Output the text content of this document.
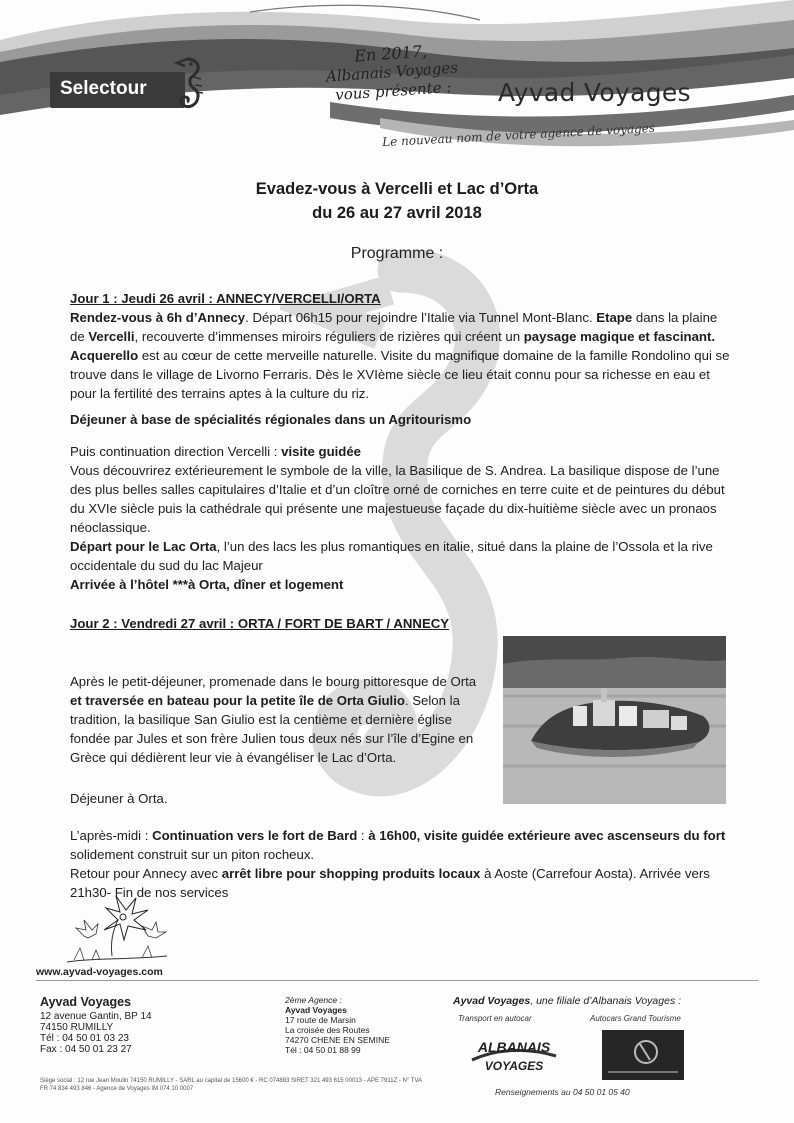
Selectour
En 2017,
Albanais Voyages
vous présente :	Ayvad Voyages
Le nouveau nom de votre agence de voyages
Evadez-vous à Vercelli et Lac d’Orta
du 26 au 27 avril 2018
Programme :

Jour 1 : Jeudi 26 avril : ANNECY/VERCELLI/ORTA

Rendez-vous à 6h d’Annecy. Départ 06h15 pour rejoindre l’Italie via Tunnel Mont-Blanc. Etape dans la plaine de Vercelli, recouverte d’immenses miroirs réguliers de rizières qui créent un paysage magique et fascinant. Acquerello est au cœur de cette merveille naturelle. Visite du magnifique domaine de la famille Rondolino qui se trouve dans le village de Livorno Ferraris. Dès le XVIème siècle ce lieu était connu pour sa richesse en eau et pour la fertilité des terrains aptes à la culture du riz.

Déjeuner à base de spécialités régionales dans un Agritourismo

Puis continuation direction Vercelli : visite guidée

Vous découvrirez extérieurement le symbole de la ville, la Basilique de S. Andrea. La basilique dispose de l’une des plus belles salles capitulaires d’Italie et d’un cloître orné de corniches en terre cuite et de peintures du début du XVIe siècle puis la cathédrale qui présente une majestueuse façade du dix-huitième siècle avec un pronaos néoclassique.

Départ pour le Lac Orta, l’un des lacs les plus romantiques en italie, situé dans la plaine de l’Ossola et la rive occidentale du sud du lac Majeur

Arrivée à l’hôtel ***à Orta, dîner et logement

Jour 2 : Vendredi 27 avril : ORTA / FORT DE BART / ANNECY

Après le petit-déjeuner, promenade dans le bourg pittoresque de Orta et traversée en bateau pour la petite île de Orta Giulio. Selon la tradition, la basilique San Giulio est la centième et dernière église fondée par Jules et son frère Julien tous deux nés sur l’île d’Egine en Grèce qui dédièrent leur vie à évangéliser le Lac d’Orta.

Déjeuner à Orta.

L’après-midi : Continuation vers le fort de Bard : à 16h00, visite guidée extérieure avec ascenseurs du fort solidement construit sur un piton rocheux.

Retour pour Annecy avec arrêt libre pour shopping produits locaux à Aoste (Carrefour Aosta). Arrivée vers 21h30- Fin de nos services

www.ayvad-voyages.com
Ayvad Voyages
12 avenue Gantin, BP 14
74150 RUMILLY
Tél : 04 50 01 03 23
Fax : 04 50 01 23 27
2ème Agence :
Ayvad Voyages
17 route de Marsin
La croisée des Routes
74270 CHENE EN SEMINE
Tél : 04 50 01 88 99
Ayvad Voyages, une filiale d’Albanais Voyages :
Transport en autocar	Autocars Grand Tourisme
ALBANAIS
VOYAGES
Siège social : 12 rue Jean Moulin 74150 RUMILLY - SARL au capital de 15600 € - RC 074883 SIRET 321 493 615 00013 - APE 7911Z - N° TVA FR 74 834 493 846 - Agence de Voyages IM 074 10 0007	Renseignements au 04 50 01 05 40
